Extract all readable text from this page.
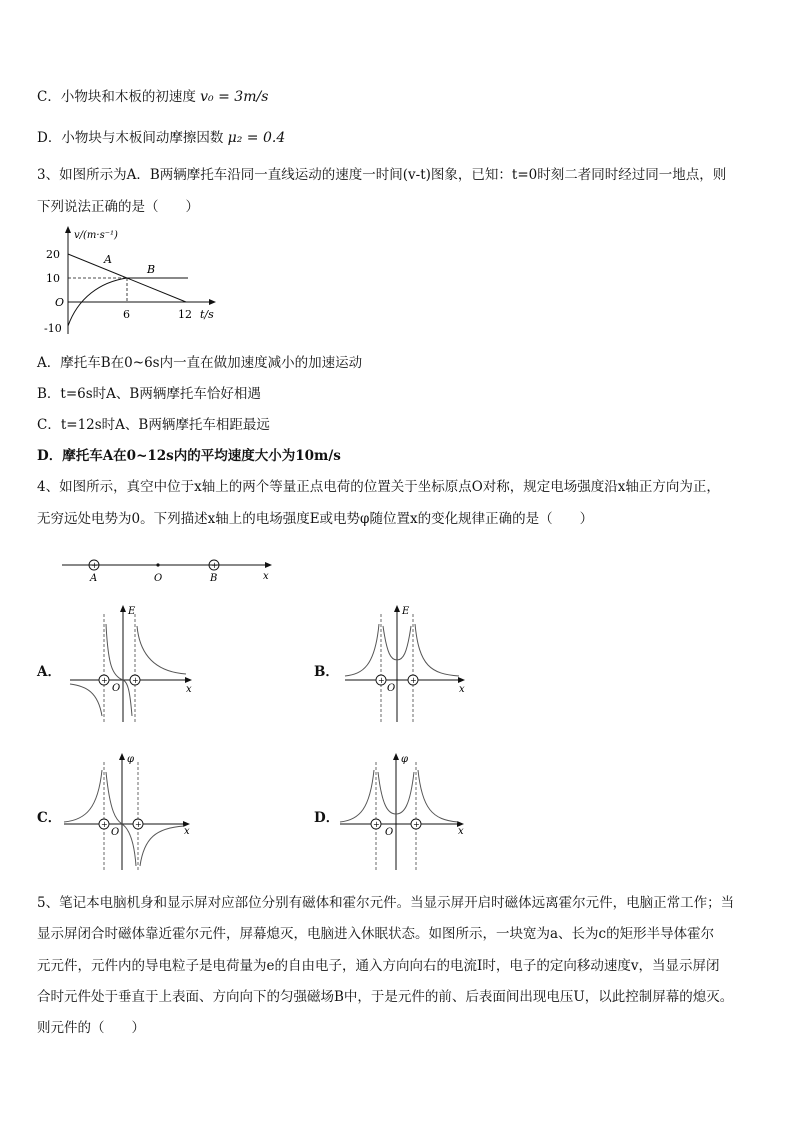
C．小物块和木板的初速度 v₀ = 3m/s
D．小物块与木板间动摩擦因数 μ₂ = 0.4
3、如图所示为A．B两辆摩托车沿同一直线运动的速度一时间(v-t)图象，已知：t=0时刻二者同时经过同一地点，则
下列说法正确的是（　　）
v/(m·s⁻¹)
20
10
O
-10
6	12 t/s
A
B
A．摩托车B在0~6s内一直在做加速度减小的加速运动
B．t=6s时A、B两辆摩托车恰好相遇
C．t=12s时A、B两辆摩托车相距最远
D．摩托车A在0~12s内的平均速度大小为10m/s
4、如图所示，真空中位于x轴上的两个等量正点电荷的位置关于坐标原点O对称，规定电场强度沿x轴正方向为正，
无穷远处电势为0。下列描述x轴上的电场强度E或电势φ随位置x的变化规律正确的是（　　）
+	+
A	O	B	x
A．	B．
C．	D．
+	+
E
O	x
+	+
E
O	x
+	+
φ
O	x
+	+
φ
O	x
5、笔记本电脑机身和显示屏对应部位分别有磁体和霍尔元件。当显示屏开启时磁体远离霍尔元件，电脑正常工作；当
显示屏闭合时磁体靠近霍尔元件，屏幕熄灭，电脑进入休眠状态。如图所示，一块宽为a、长为c的矩形半导体霍尔
元元件，元件内的导电粒子是电荷量为e的自由电子，通入方向向右的电流I时，电子的定向移动速度v，当显示屏闭
合时元件处于垂直于上表面、方向向下的匀强磁场B中，于是元件的前、后表面间出现电压U，以此控制屏幕的熄灭。
则元件的（　　）
